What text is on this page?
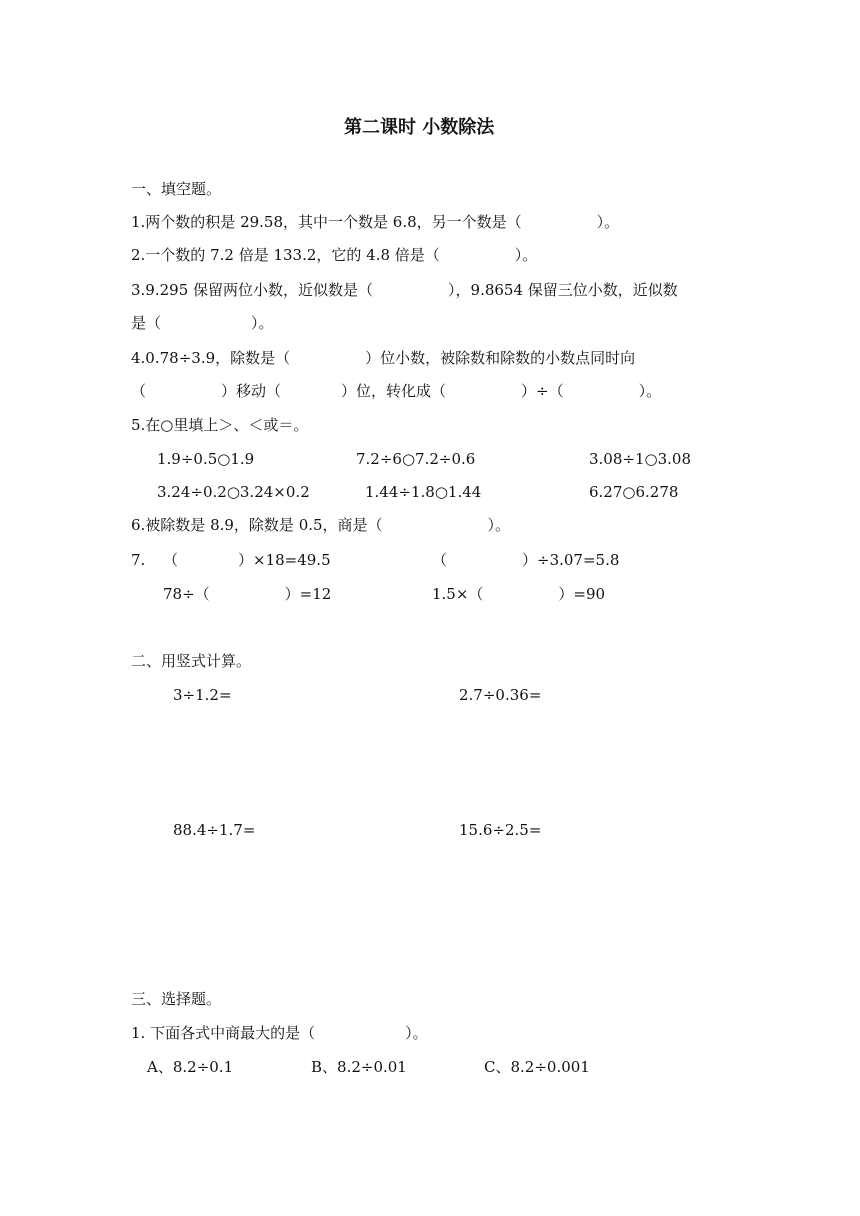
第二课时 小数除法
一、填空题。
1.两个数的积是 29.58，其中一个数是 6.8，另一个数是（　　　　　）。
2.一个数的 7.2 倍是 133.2，它的 4.8 倍是（　　　　　）。
3.9.295 保留两位小数，近似数是（　　　　　），9.8654 保留三位小数，近似数
是（　　　　　　）。
4.0.78÷3.9，除数是（　　　　　）位小数，被除数和除数的小数点同时向
（　　　　　）移动（　　　　）位，转化成（　　　　　）÷（　　　　　）。
5.在○里填上＞、＜或＝。
1.9÷0.5○1.9	7.2÷6○7.2÷0.6	3.08÷1○3.08
3.24÷0.2○3.24×0.2	1.44÷1.8○1.44	6.27○6.278
6.被除数是 8.9，除数是 0.5，商是（　　　　　　　）。
7. （　　　　）×18=49.5	（　　　　　）÷3.07=5.8
78÷（　　　　　）=12	1.5×（　　　　　）=90
二、用竖式计算。
3÷1.2=	2.7÷0.36=
88.4÷1.7=	15.6÷2.5=
三、选择题。
1. 下面各式中商最大的是（　　　　　　）。
A、8.2÷0.1	B、8.2÷0.01	C、8.2÷0.001
